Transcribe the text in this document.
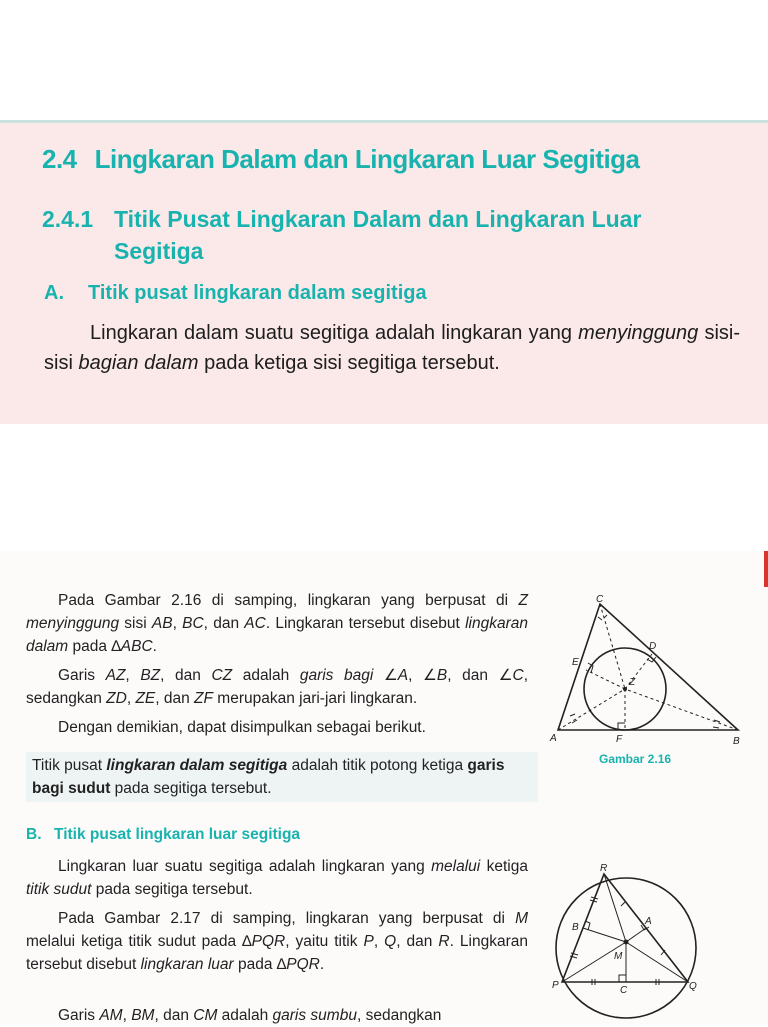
2.4 Lingkaran Dalam dan Lingkaran Luar Segitiga
2.4.1 Titik Pusat Lingkaran Dalam dan Lingkaran Luar
Segitiga
A. Titik pusat lingkaran dalam segitiga
Lingkaran dalam suatu segitiga adalah lingkaran yang menyinggung sisi-sisi bagian dalam pada ketiga sisi segitiga tersebut.
Pada Gambar 2.16 di samping, lingkaran yang berpusat di Z menyinggung sisi AB, BC, dan AC. Lingkaran tersebut disebut lingkaran dalam pada ∆ABC.
Garis AZ, BZ, dan CZ adalah garis bagi ∠A, ∠B, dan ∠C, sedangkan ZD, ZE, dan ZF merupakan jari-jari lingkaran.
Dengan demikian, dapat disimpulkan sebagai berikut.
Titik pusat lingkaran dalam segitiga adalah titik potong ketiga garis bagi sudut pada segitiga tersebut.
A	B
C
D
E
F
Z
Gambar 2.16
B. Titik pusat lingkaran luar segitiga
Lingkaran luar suatu segitiga adalah lingkaran yang melalui ketiga titik sudut pada segitiga tersebut.
Pada Gambar 2.17 di samping, lingkaran yang berpusat di M melalui ketiga titik sudut pada ∆PQR, yaitu titik P, Q, dan R. Lingkaran tersebut disebut lingkaran luar pada ∆PQR.
Garis AM, BM, dan CM adalah garis sumbu, sedangkan
R
B
A
M
P	C	Q
